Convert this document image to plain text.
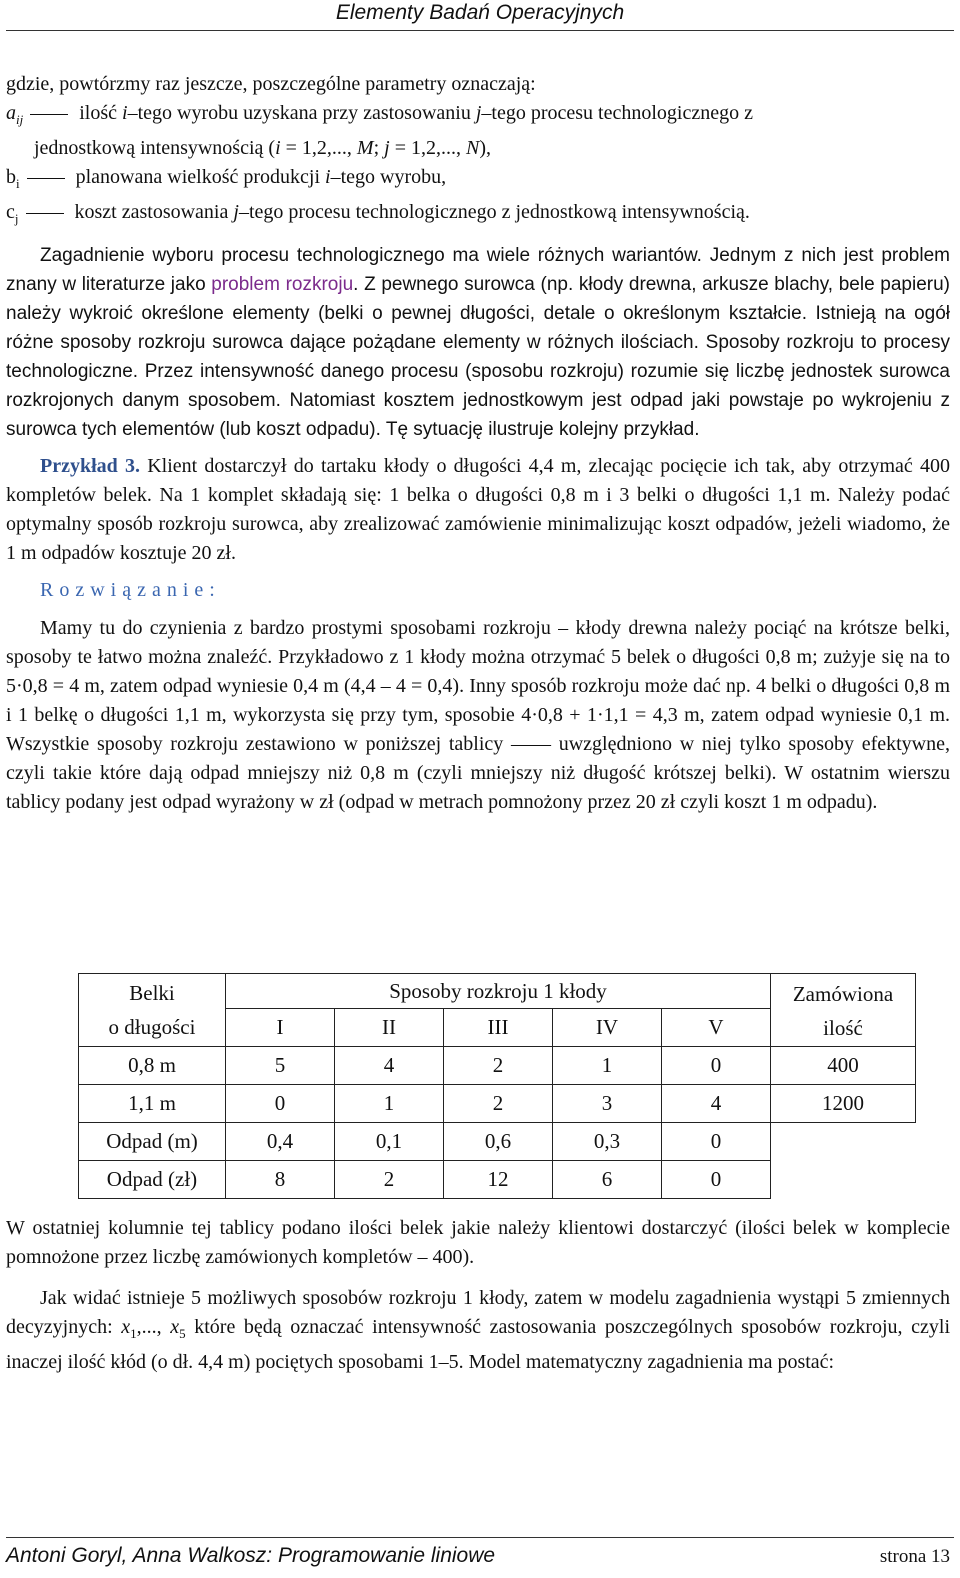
Elementy Badań Operacyjnych

gdzie, powtórzmy raz jeszcze, poszczególne parametry oznaczają:

$a_{ij}$	ilość i–tego wyrobu uzyskana przy zastosowaniu j–tego procesu technologicznego z
jednostkową intensywnością (i = 1,2,..., M; j = 1,2,..., N),
$b_i$	planowana wielkość produkcji i–tego wyrobu,
$c_j$	koszt zastosowania j–tego procesu technologicznego z jednostkową intensywnością.

Zagadnienie wyboru procesu technologicznego ma wiele różnych wariantów. Jednym z nich jest problem znany w literaturze jako problem rozkroju. Z pewnego surowca (np. kłody drewna, arkusze blachy, bele papieru) należy wykroić określone elementy (belki o pewnej długości, detale o określonym kształcie. Istnieją na ogół różne sposoby rozkroju surowca dające pożądane elementy w różnych ilościach. Sposoby rozkroju to procesy technologiczne. Przez intensywność danego procesu (sposobu rozkroju) rozumie się liczbę jednostek surowca rozkrojonych danym sposobem. Natomiast kosztem jednostkowym jest odpad jaki powstaje po wykrojeniu z surowca tych elementów (lub koszt odpadu). Tę sytuację ilustruje kolejny przykład.

Przykład 3. Klient dostarczył do tartaku kłody o długości 4,4 m, zlecając pocięcie ich tak, aby otrzymać 400 kompletów belek. Na 1 komplet składają się: 1 belka o długości 0,8 m i 3 belki o długości 1,1 m. Należy podać optymalny sposób rozkroju surowca, aby zrealizować zamówienie minimalizując koszt odpadów, jeżeli wiadomo, że 1 m odpadów kosztuje 20 zł.

Rozwiązanie:

Mamy tu do czynienia z bardzo prostymi sposobami rozkroju – kłody drewna należy pociąć na krótsze belki, sposoby te łatwo można znaleźć. Przykładowo z 1 kłody można otrzymać 5 belek o długości 0,8 m; zużyje się na to 5·0,8 = 4 m, zatem odpad wyniesie 0,4 m (4,4 – 4 = 0,4). Inny sposób rozkroju może dać np. 4 belki o długości 0,8 m i 1 belkę o długości 1,1 m, wykorzysta się przy tym, sposobie 4·0,8 + 1·1,1 = 4,3 m, zatem odpad wyniesie 0,1 m. Wszystkie sposoby rozkroju zestawiono w poniższej tablicy —— uwzględniono w niej tylko sposoby efektywne, czyli takie które dają odpad mniejszy niż 0,8 m (czyli mniejszy niż długość krótszej belki). W ostatnim wierszu tablicy podany jest odpad wyrażony w zł (odpad w metrach pomnożony przez 20 zł czyli koszt 1 m odpadu).

Belki
o długości	Sposoby rozkroju 1 kłody					Zamówiona
ilość
	I	II	III	IV	V	
0,8 m	5	4	2	1	0	400
1,1 m	0	1	2	3	4	1200
Odpad (m)	0,4	0,1	0,6	0,3	0	
Odpad (zł)	8	2	12	6	0	

W ostatniej kolumnie tej tablicy podano ilości belek jakie należy klientowi dostarczyć (ilości belek w komplecie pomnożone przez liczbę zamówionych kompletów – 400).

Jak widać istnieje 5 możliwych sposobów rozkroju 1 kłody, zatem w modelu zagadnienia wystąpi 5 zmiennych decyzyjnych: $x_1$,..., $x_5$ które będą oznaczać intensywność zastosowania poszczególnych sposobów rozkroju, czyli inaczej ilość kłód (o dł. 4,4 m) pociętych sposobami 1–5. Model matematyczny zagadnienia ma postać:

Antoni Goryl, Anna Walkosz: Programowanie liniowe	strona 13
